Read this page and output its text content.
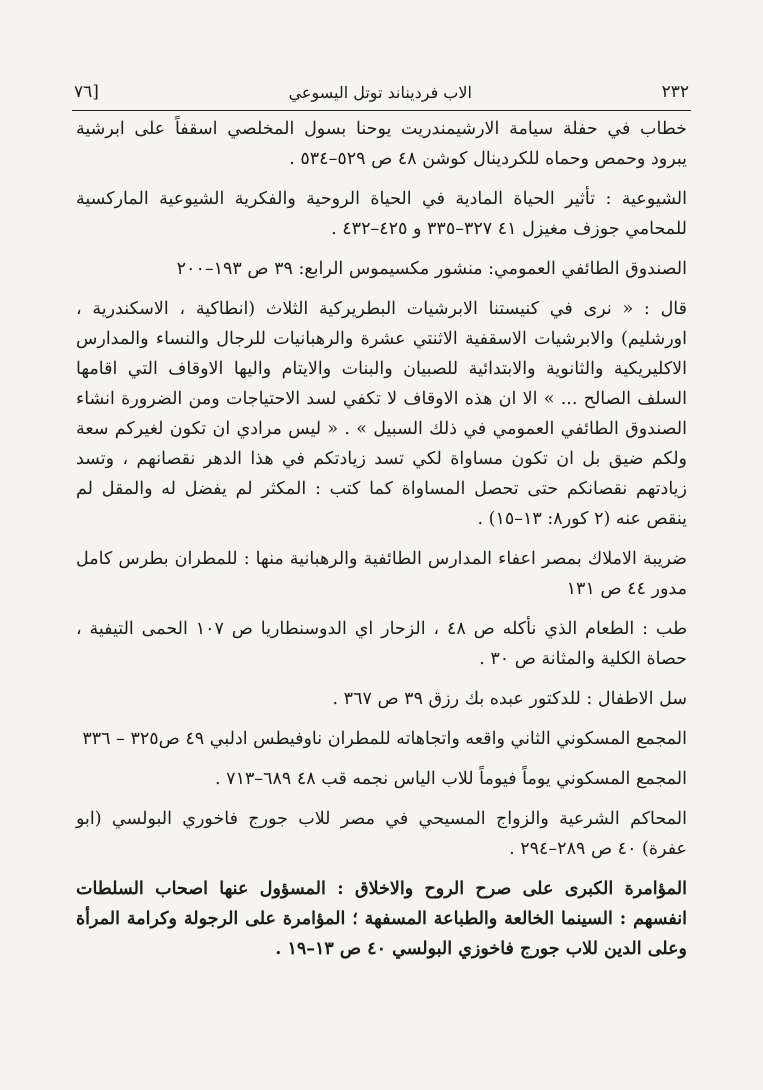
٢٣٢
الاب فرديناند توتل اليسوعي
[٧٦

خطاب في حفلة سيامة الارشيمندريت يوحنا بسول المخلصي اسقفاً على ابرشية يبرود وحمص وحماه للكردينال كوشن ٤٨ ص ٥٢٩–٥٣٤ .

الشيوعية : تأثير الحياة المادية في الحياة الروحية والفكرية الشيوعية الماركسية للمحامي جوزف مغيزل ٤١ ٣٢٧–٣٣٥ و ٤٢٥–٤٣٢ .

الصندوق الطائفي العمومي: منشور مكسيموس الرابع: ٣٩ ص ١٩٣–٢٠٠

قال : « نرى في كنيستنا الابرشيات البطريركية الثلاث (انطاكية ، الاسكندرية ، اورشليم) والابرشيات الاسقفية الاثنتي عشرة والرهبانيات للرجال والنساء والمدارس الاكليريكية والثانوية والابتدائية للصبيان والبنات والايتام واليها الاوقاف التي اقامها السلف الصالح ... » الا ان هذه الاوقاف لا تكفي لسد الاحتياجات ومن الضرورة انشاء الصندوق الطائفي العمومي في ذلك السبيل » . « ليس مرادي ان تكون لغيركم سعة ولكم ضيق بل ان تكون مساواة لكي تسد زيادتكم في هذا الدهر نقصانهم ، وتسد زيادتهم نقصانكم حتى تحصل المساواة كما كتب : المكثر لم يفضل له والمقل لم ينقص عنه (٢ كور٨: ١٣–١٥) .

ضريبة الاملاك بمصر اعفاء المدارس الطائفية والرهبانية منها : للمطران بطرس كامل مدور ٤٤ ص ١٣١

طب : الطعام الذي نأكله ص ٤٨ ، الزحار اي الدوسنطاريا ص ١٠٧ الحمى التيفية ، حصاة الكلية والمثانة ص ٣٠ .

سل الاطفال : للدكتور عبده بك رزق ٣٩ ص ٣٦٧ .

المجمع المسكوني الثاني واقعه واتجاهاته للمطران ناوفيطس ادلبي ٤٩ ص٣٢٥ – ٣٣٦

المجمع المسكوني يوماً فيوماً للاب الياس نجمه قب ٤٨ ٦٨٩–٧١٣ .

المحاكم الشرعية والزواج المسيحي في مصر للاب جورج فاخوري البولسي (ابو عفرة) ٤٠ ص ٢٨٩–٢٩٤ .

المؤامرة الكبرى على صرح الروح والاخلاق : المسؤول عنها اصحاب السلطات انفسهم : السينما الخالعة والطباعة المسفهة ؛ المؤامرة على الرجولة وكرامة المرأة وعلى الدين للاب جورج فاخوزي البولسي ٤٠ ص ١٣–١٩ .
